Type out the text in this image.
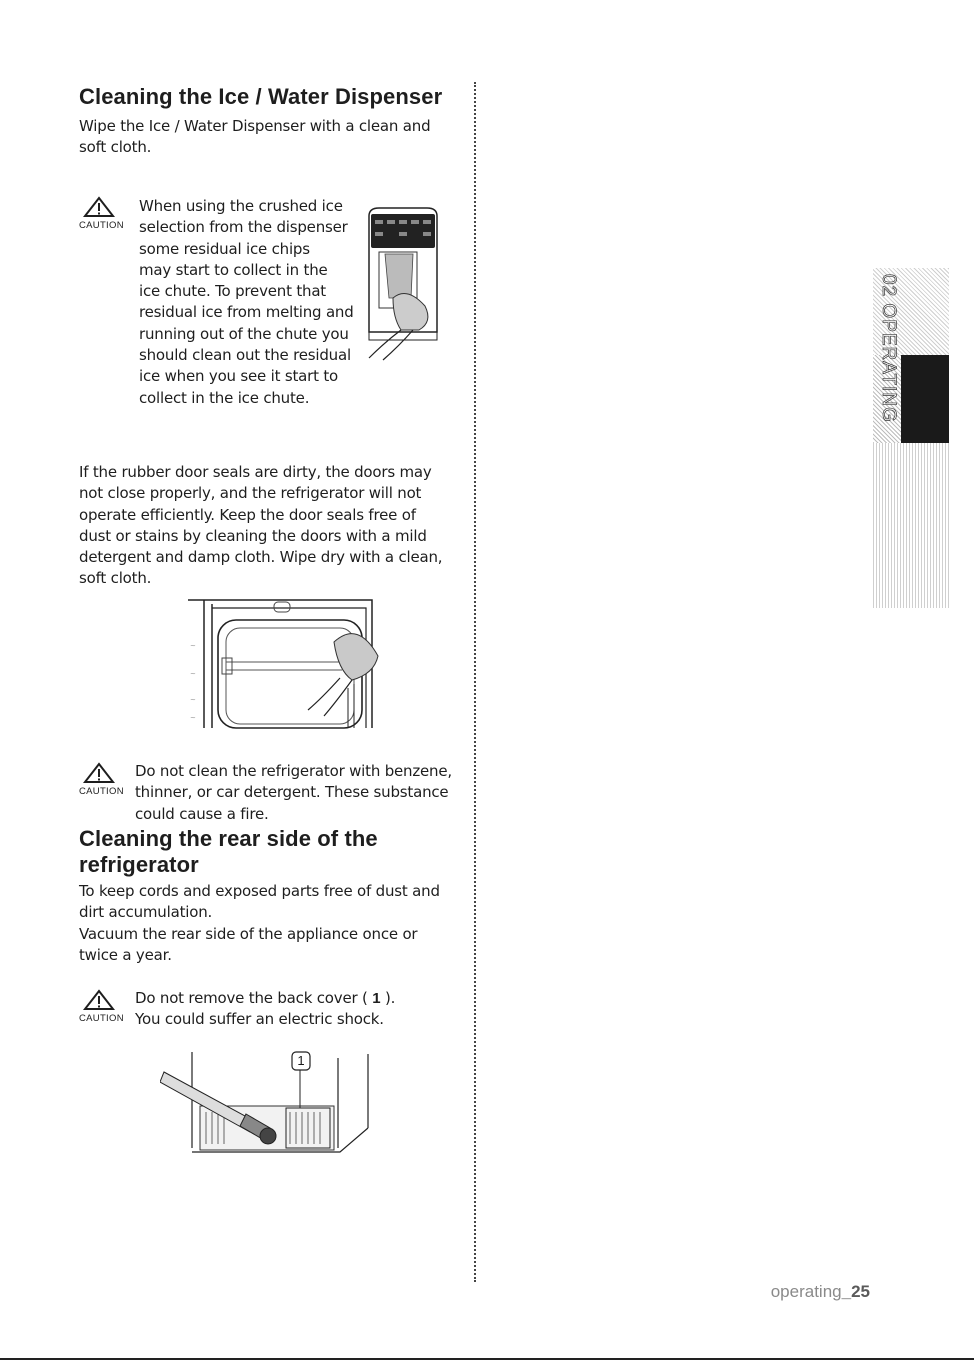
Cleaning the Ice / Water Dispenser

Wipe the Ice / Water Dispenser with a clean and soft cloth.

CAUTION

When using the crushed ice

selection from the dispenser

some residual ice chips

may start to collect in the

ice chute. To prevent that

residual ice from melting and

running out of the chute you

should clean out the residual

ice when you see it start to

collect in the ice chute.

If the rubber door seals are dirty, the doors may

not close properly, and the refrigerator will not

operate efficiently. Keep the door seals free of

dust or stains by cleaning the doors with a mild

detergent and damp cloth. Wipe dry with a clean,

soft cloth.

~
~
~
~
CAUTION

Do not clean the refrigerator with benzene,

thinner, or car detergent. These substance

could cause a fire.

Cleaning the rear side of the
refrigerator

To keep cords and exposed parts free of dust and

dirt accumulation.

Vacuum the rear side of the appliance once or

twice a year.

CAUTION

Do not remove the back cover ( 1 ).

You could suffer an electric shock.

1
02 OPERATING
operating_25
